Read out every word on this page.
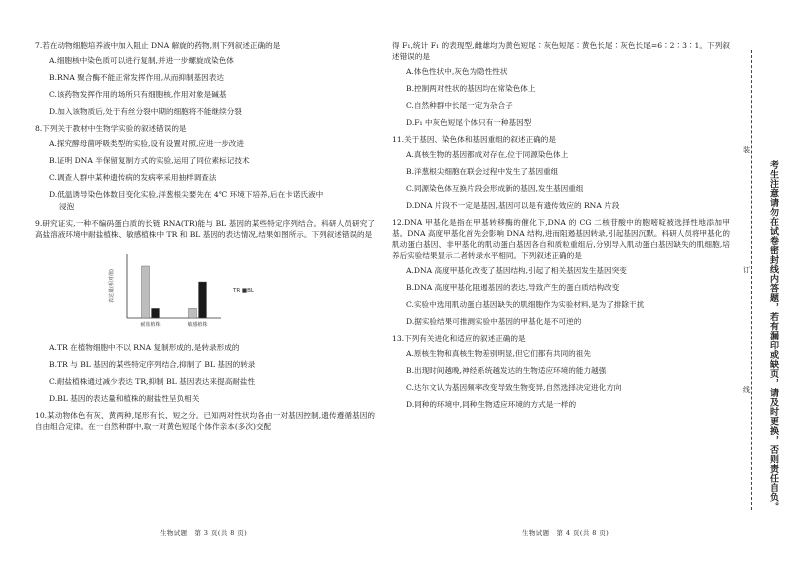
7.若在动物细胞培养液中加入阻止 DNA 解旋的药物,则下列叙述正确的是
A.细胞核中染色质可以进行复制,并进一步螺旋成染色体
B.RNA 聚合酶不能正常发挥作用,从而抑制基因表达
C.该药物发挥作用的场所只有细胞核,作用对象是碱基
D.加入该物质后,处于有丝分裂中期的细胞将不能继续分裂
8.下列关于教材中生物学实验的叙述错误的是
A.探究酵母菌呼吸类型的实验,设有设置对照,应进一步改进
B.证明 DNA 半保留复制方式的实验,运用了同位素标记技术
C.调查人群中某种遗传病的发病率采用抽样调查法
D.低温诱导染色体数目变化实验,洋葱根尖要先在 4℃ 环境下培养,后在卡诺氏液中
浸泡
9.研究证实,一种不编码蛋白质的长链 RNA(TR)能与 BL 基因的某些特定序列结合。科研人员研究了高盐溶液环境中耐盐植株、敏感植株中 TR 和 BL 基因的表达情况,结果如图所示。下列叙述错误的是
表达量(相对值)
耐盐植株	敏感植株
TR ■BL
A.TR 在植物细胞中不以 RNA 复制形成的,是转录形成的
B.TR 与 BL 基因的某些特定序列结合,抑制了 BL 基因的转录
C.耐盐植株通过减少表达 TR,抑制 BL 基因表达来提高耐盐性
D.BL 基因的表达量和植株的耐盐性呈负相关
10.某动物体色有灰、黄两种,尾形有长、短之分。已知两对性状均各由一对基因控制,遗传遵循基因的自由组合定律。在一自然种群中,取一对黄色短尾个体作亲本(多次)交配
生物试题　第 3 页(共 8 页)
得 F₁,统计 F₁ 的表现型,雌雄均为黄色短尾∶灰色短尾∶黄色长尾∶灰色长尾=6∶2∶3∶1。下列叙述错误的是
A.体色性状中,灰色为隐性性状
B.控制两对性状的基因均在常染色体上
C.自然种群中长尾一定为杂合子
D.F₁ 中灰色短尾个体只有一种基因型
11.关于基因、染色体和基因重组的叙述正确的是
A.真核生物的基因都成对存在,位于同源染色体上
B.洋葱根尖细胞在联会过程中发生了基因重组
C.同源染色体互换片段会形成新的基因,发生基因重组
D.DNA 片段不一定是基因,基因可以是有遗传效应的 RNA 片段
12.DNA 甲基化是指在甲基转移酶的催化下,DNA 的 CG 二核苷酸中的胞嘧啶被选择性地添加甲基。DNA 高度甲基化首先会影响 DNA 结构,进而阻遏基因转录,引起基因沉默。科研人员将甲基化的肌动蛋白基因、非甲基化的肌动蛋白基因各自和质粒重组后,分别导入肌动蛋白基因缺失的肌细胞,培养后实验结果显示二者转录水平相同。下列叙述正确的是
A.DNA 高度甲基化改变了基因结构,引起了相关基因发生基因突变
B.DNA 高度甲基化阻遏基因的表达,导致产生的蛋白质结构改变
C.实验中选用肌动蛋白基因缺失的肌细胞作为实验材料,是为了排除干扰
D.据实验结果可推测实验中基因的甲基化是不可逆的
13.下列有关进化和适应的叙述正确的是
A.原核生物和真核生物差别明显,但它们都有共同的祖先
B.出现时间越晚,神经系统越发达的生物适应环境的能力越强
C.达尔文认为基因频率改变导致生物变异,自然选择决定进化方向
D.同种的环境中,同种生物适应环境的方式是一样的
生物试题　第 4 页(共 8 页)
装
订
线 考生注意请勿在试卷密封线内答题，若有漏印或缺页，请及时更换，否则责任自负。
